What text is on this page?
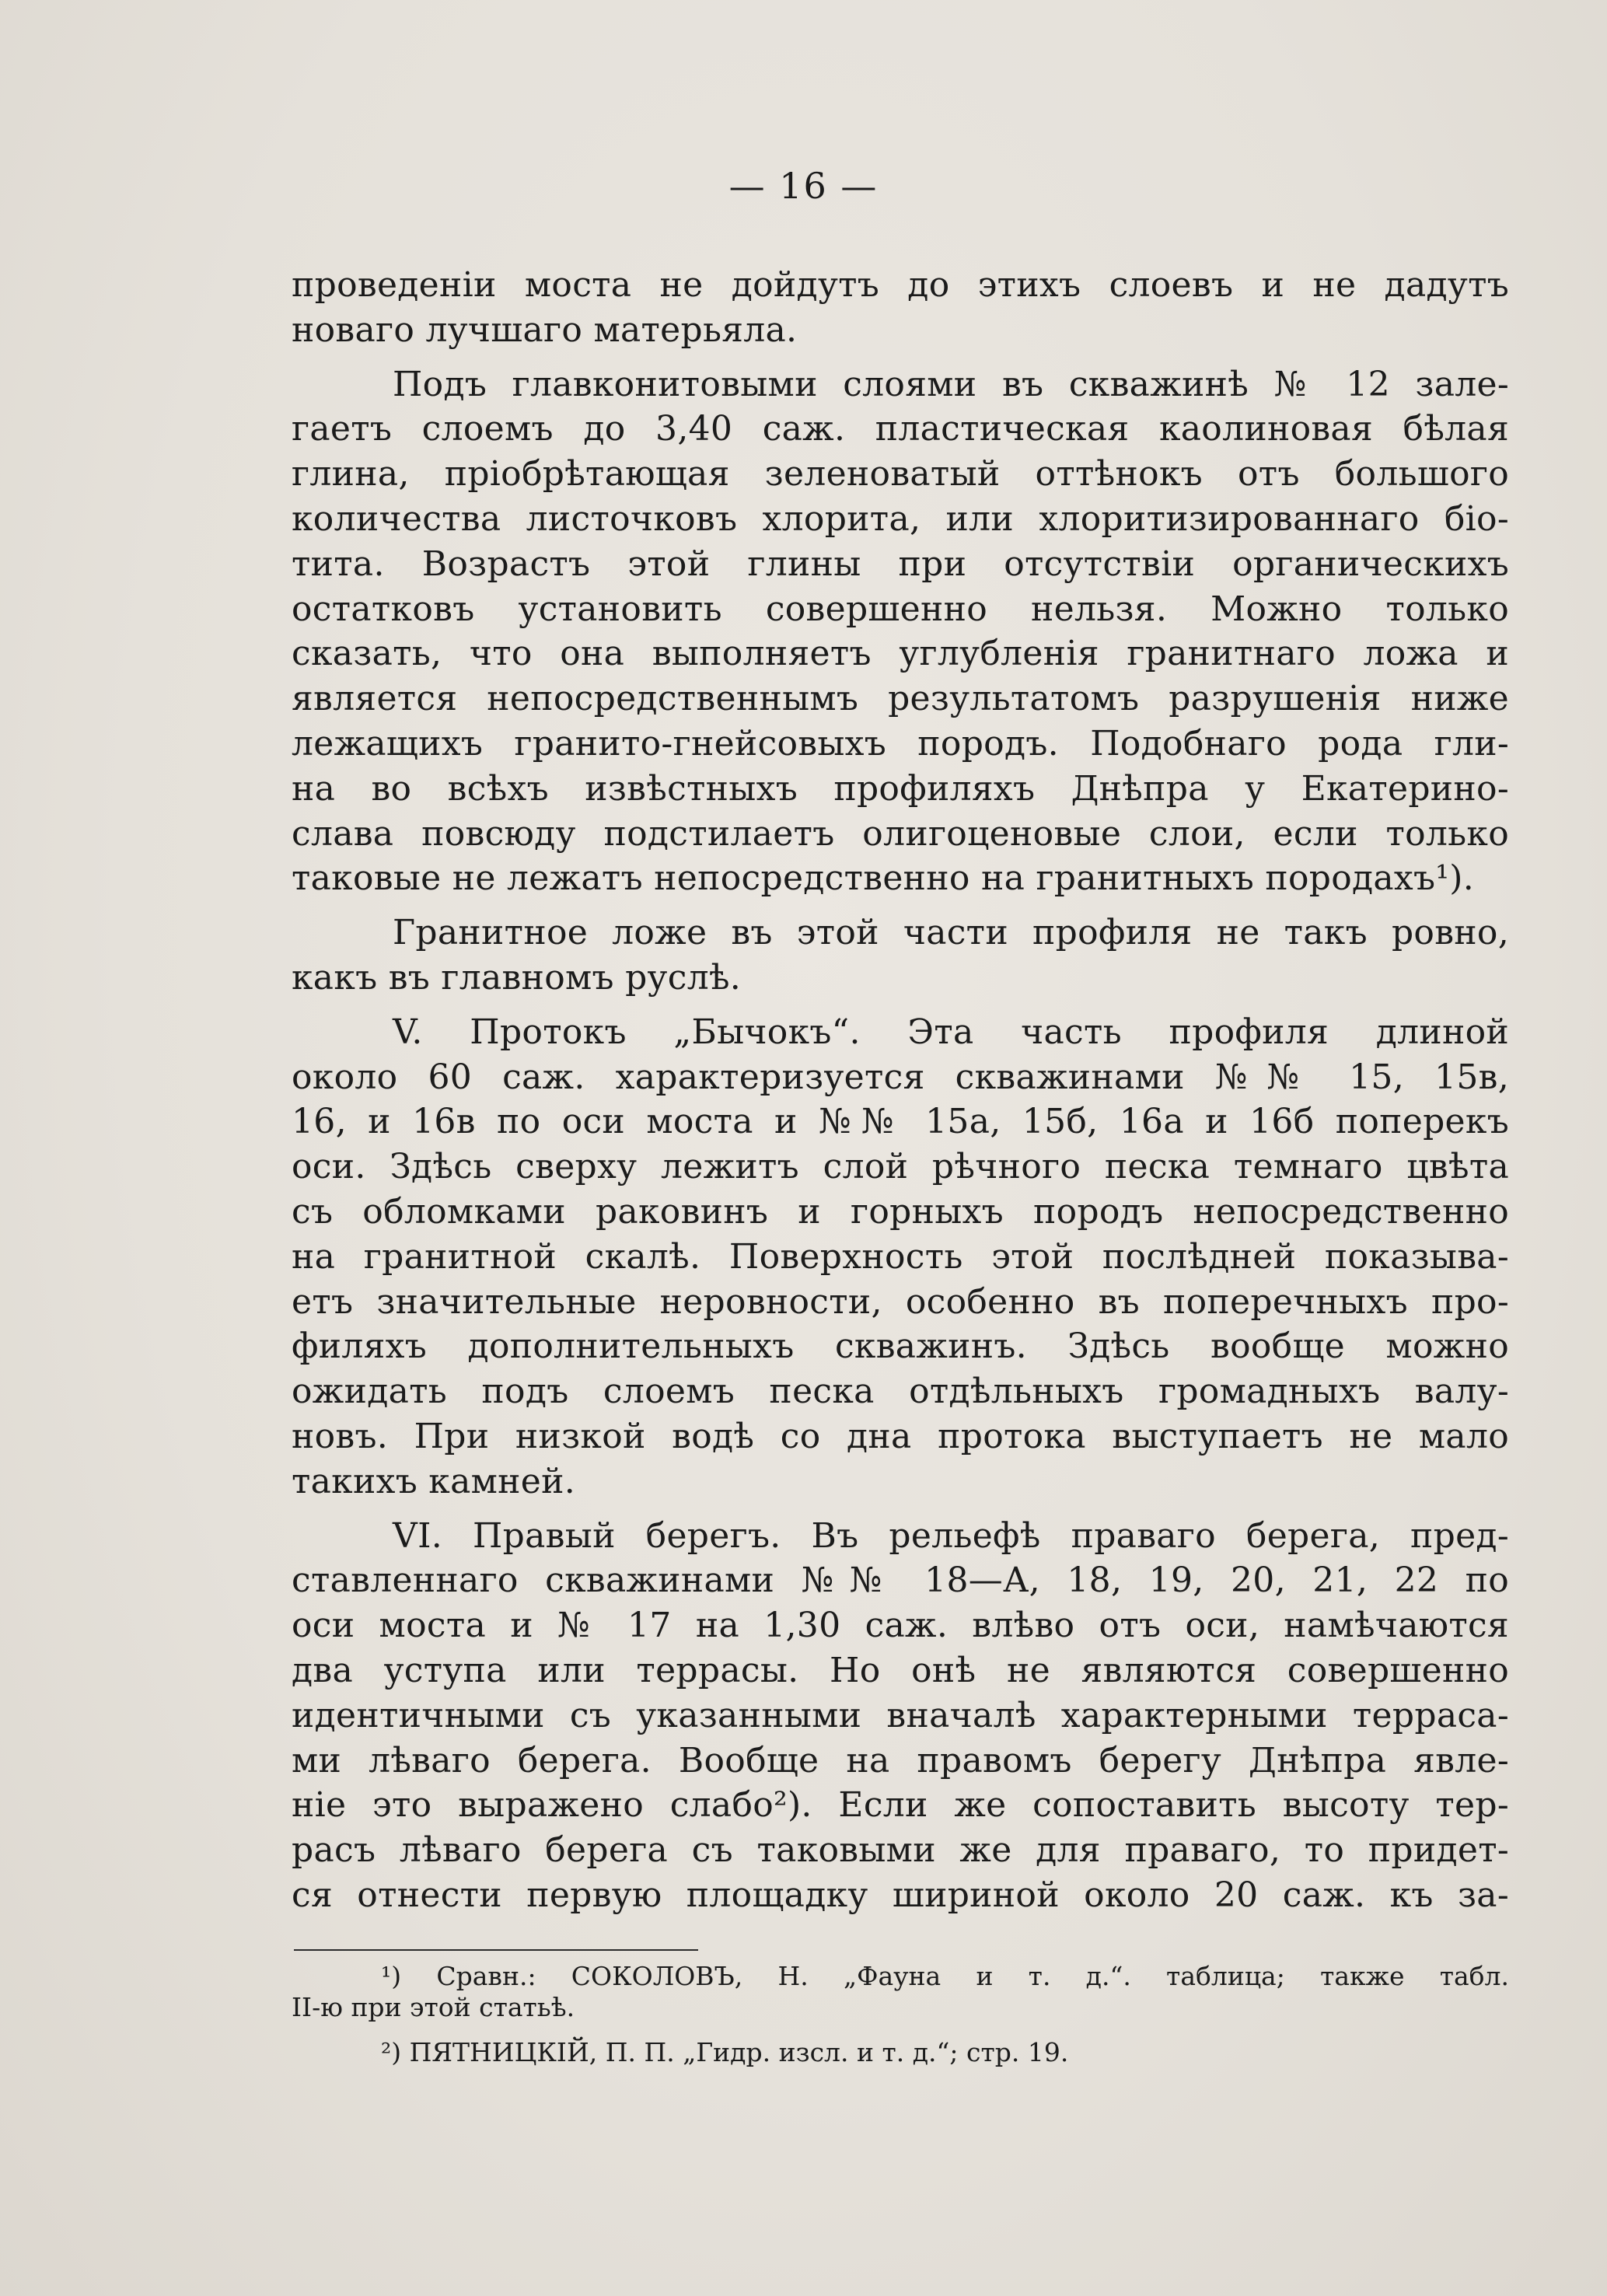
— 16 —
проведеніи моста не дойдутъ до этихъ слоевъ и не дадутъ
новаго лучшаго матерьяла.
Подъ главконитовыми слоями въ скважинѣ № 12 зале-
гаетъ слоемъ до 3,40 саж. пластическая каолиновая бѣлая
глина, пріобрѣтающая зеленоватый оттѣнокъ отъ большого
количества листочковъ хлорита, или хлоритизированнаго біо-
тита. Возрастъ этой глины при отсутствіи органическихъ
остатковъ установить совершенно нельзя. Можно только
сказать, что она выполняетъ углубленія гранитнаго ложа и
является непосредственнымъ результатомъ разрушенія ниже
лежащихъ гранито-гнейсовыхъ породъ. Подобнаго рода гли-
на во всѣхъ извѣстныхъ профиляхъ Днѣпра у Екатерино-
слава повсюду подстилаетъ олигоценовые слои, если только
таковые не лежатъ непосредственно на гранитныхъ породахъ¹).
Гранитное ложе въ этой части профиля не такъ ровно,
какъ въ главномъ руслѣ.
V. Протокъ „Бычокъ“. Эта часть профиля длиной
около 60 саж. характеризуется скважинами №№ 15, 15в,
16, и 16в по оси моста и №№ 15а, 15б, 16а и 16б поперекъ
оси. Здѣсь сверху лежитъ слой рѣчного песка темнаго цвѣта
съ обломками раковинъ и горныхъ породъ непосредственно
на гранитной скалѣ. Поверхность этой послѣдней показыва-
етъ значительные неровности, особенно въ поперечныхъ про-
филяхъ дополнительныхъ скважинъ. Здѣсь вообще можно
ожидать подъ слоемъ песка отдѣльныхъ громадныхъ валу-
новъ. При низкой водѣ со дна протока выступаетъ не мало
такихъ камней.
VI. Правый берегъ. Въ рельефѣ праваго берега, пред-
ставленнаго скважинами №№ 18—А, 18, 19, 20, 21, 22 по
оси моста и № 17 на 1,30 саж. влѣво отъ оси, намѣчаются
два уступа или террасы. Но онѣ не являются совершенно
идентичными съ указанными вначалѣ характерными терраса-
ми лѣваго берега. Вообще на правомъ берегу Днѣпра явле-
ніе это выражено слабо²). Если же сопоставить высоту тер-
расъ лѣваго берега съ таковыми же для праваго, то придет-
ся отнести первую площадку шириной около 20 саж. къ за-
¹) Сравн.: СОКОЛОВЪ, Н. „Фауна и т. д.“. таблица; также табл.
II-ю при этой статьѣ.
²) ПЯТНИЦКІЙ, П. П. „Гидр. изсл. и т. д.“; стр. 19.
